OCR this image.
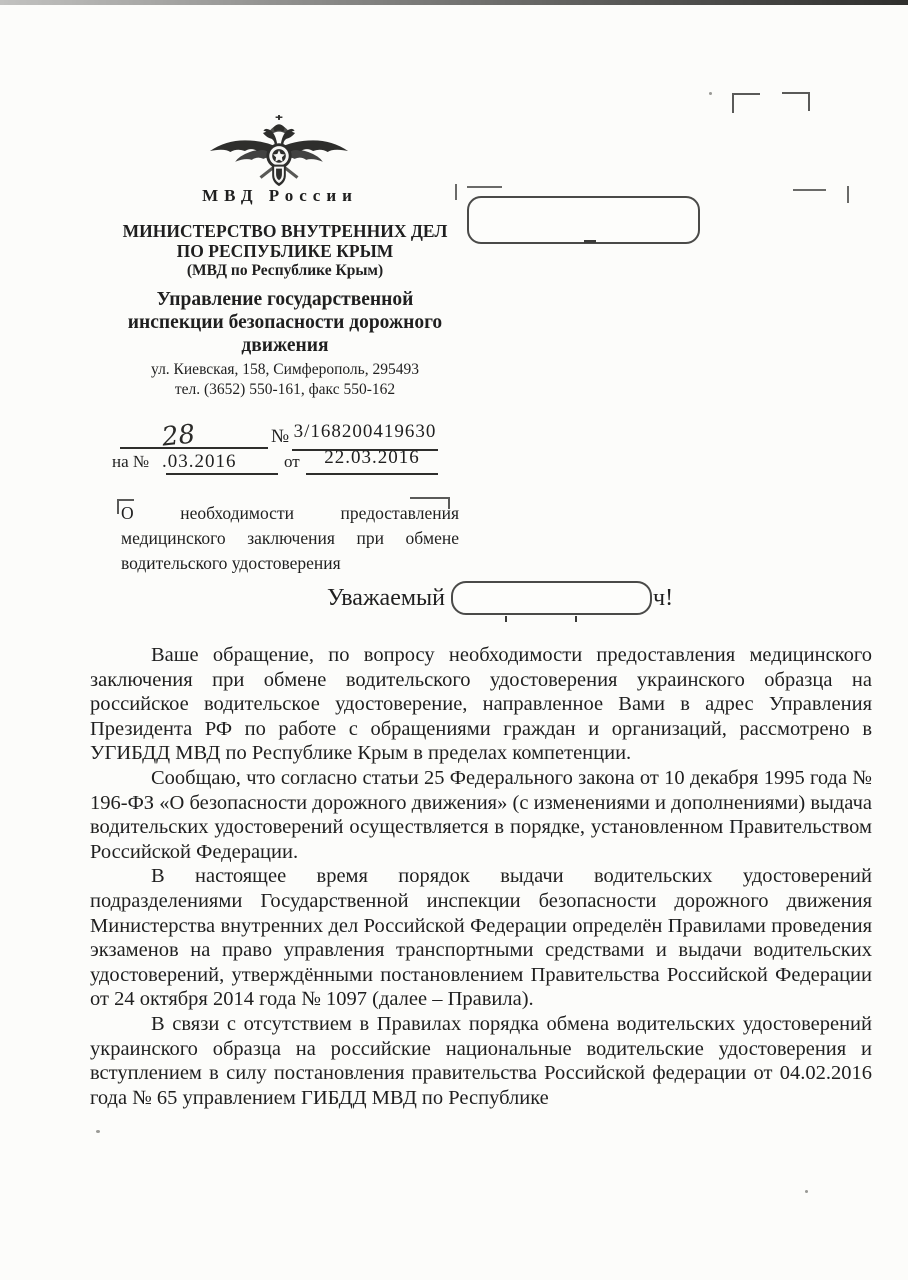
МВД России
МИНИСТЕРСТВО ВНУТРЕННИХ ДЕЛ
ПО РЕСПУБЛИКЕ КРЫМ
(МВД по Республике Крым)
Управление государственной
инспекции безопасности дорожного
движения
ул. Киевская, 158, Симферополь, 295493
тел. (3652) 550-161, факс 550-162
28.03.2016
№ 3/168200419630
на №	от	22.03.2016
О необходимости предоставления медицинского заключения при обмене водительского удостоверения
Уважаемый	ч!

Ваше обращение, по вопросу необходимости предоставления медицинского заключения при обмене водительского удостоверения украинского образца на российское водительское удостоверение, направленное Вами в адрес Управления Президента РФ по работе с обращениями граждан и организаций, рассмотрено в УГИБДД МВД по Республике Крым в пределах компетенции.

Сообщаю, что согласно статьи 25 Федерального закона от 10 декабря 1995 года № 196-ФЗ «О безопасности дорожного движения» (с изменениями и дополнениями) выдача водительских удостоверений осуществляется в порядке, установленном Правительством Российской Федерации.

В настоящее время порядок выдачи водительских удостоверений подразделениями Государственной инспекции безопасности дорожного движения Министерства внутренних дел Российской Федерации определён Правилами проведения экзаменов на право управления транспортными средствами и выдачи водительских удостоверений, утверждёнными постановлением Правительства Российской Федерации от 24 октября 2014 года № 1097 (далее – Правила).

В связи с отсутствием в Правилах порядка обмена водительских удостоверений украинского образца на российские национальные водительские удостоверения и вступлением в силу постановления правительства Российской федерации от 04.02.2016 года № 65 управлением ГИБДД МВД по Республике
